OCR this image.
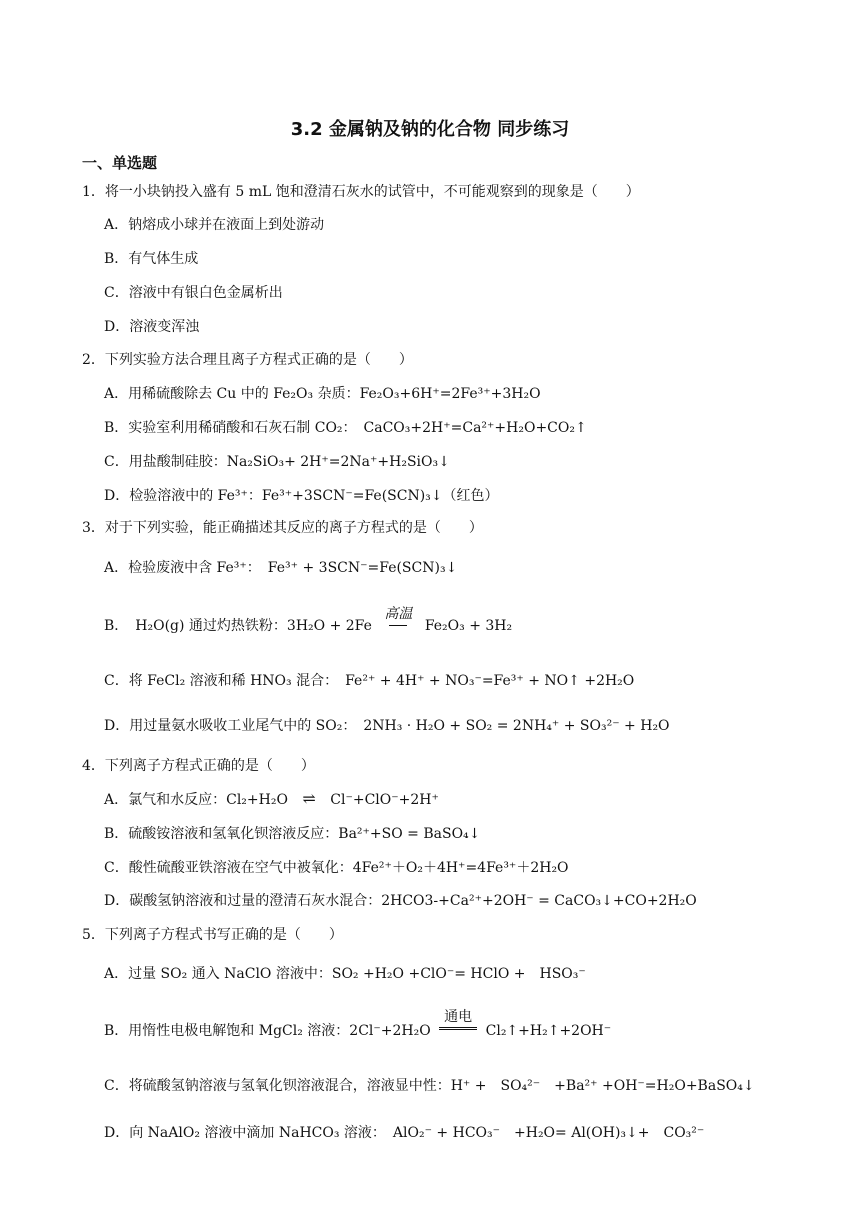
3.2 金属钠及钠的化合物 同步练习
一、单选题
1．将一小块钠投入盛有 5 mL 饱和澄清石灰水的试管中，不可能观察到的现象是（　　）
A．钠熔成小球并在液面上到处游动
B．有气体生成
C．溶液中有银白色金属析出
D．溶液变浑浊
2．下列实验方法合理且离子方程式正确的是（　　）
A．用稀硫酸除去 Cu 中的 Fe₂O₃ 杂质：Fe₂O₃+6H⁺=2Fe³⁺+3H₂O
B．实验室利用稀硝酸和石灰石制 CO₂：　CaCO₃+2H⁺=Ca²⁺+H₂O+CO₂↑
C．用盐酸制硅胶：Na₂SiO₃+ 2H⁺=2Na⁺+H₂SiO₃↓
D．检验溶液中的 Fe³⁺：Fe³⁺+3SCN⁻=Fe(SCN)₃↓（红色）
3．对于下列实验，能正确描述其反应的离子方程式的是（　　）
A．检验废液中含 Fe³⁺：　Fe³⁺ + 3SCN⁻=Fe(SCN)₃↓
B．　H₂O(g) 通过灼热铁粉：3H₂O + 2Fe
高温
Fe₂O₃ + 3H₂
C．将 FeCl₂ 溶液和稀 HNO₃ 混合：　Fe²⁺ + 4H⁺ + NO₃⁻=Fe³⁺ + NO↑ +2H₂O
D．用过量氨水吸收工业尾气中的 SO₂：　2NH₃ · H₂O + SO₂ = 2NH₄⁺ + SO₃²⁻ + H₂O
4．下列离子方程式正确的是（　　）
A．氯气和水反应：Cl₂+H₂O ⇌ Cl⁻+ClO⁻+2H⁺
B．硫酸铵溶液和氢氧化钡溶液反应：Ba²⁺+SO = BaSO₄↓
C．酸性硫酸亚铁溶液在空气中被氧化：4Fe²⁺＋O₂＋4H⁺=4Fe³⁺＋2H₂O
D．碳酸氢钠溶液和过量的澄清石灰水混合：2HCO3-+Ca²⁺+2OH⁻ = CaCO₃↓+CO+2H₂O
5．下列离子方程式书写正确的是（　　）
A．过量 SO₂ 通入 NaClO 溶液中：SO₂ +H₂O +ClO⁻= HClO +　HSO₃⁻
B．用惰性电极电解饱和 MgCl₂ 溶液：2Cl⁻+2H₂O
通电
Cl₂↑+H₂↑+2OH⁻
C．将硫酸氢钠溶液与氢氧化钡溶液混合，溶液显中性：H⁺ +　SO₄²⁻　+Ba²⁺ +OH⁻=H₂O+BaSO₄↓
D．向 NaAlO₂ 溶液中滴加 NaHCO₃ 溶液：　AlO₂⁻ + HCO₃⁻　+H₂O= Al(OH)₃↓+　CO₃²⁻
